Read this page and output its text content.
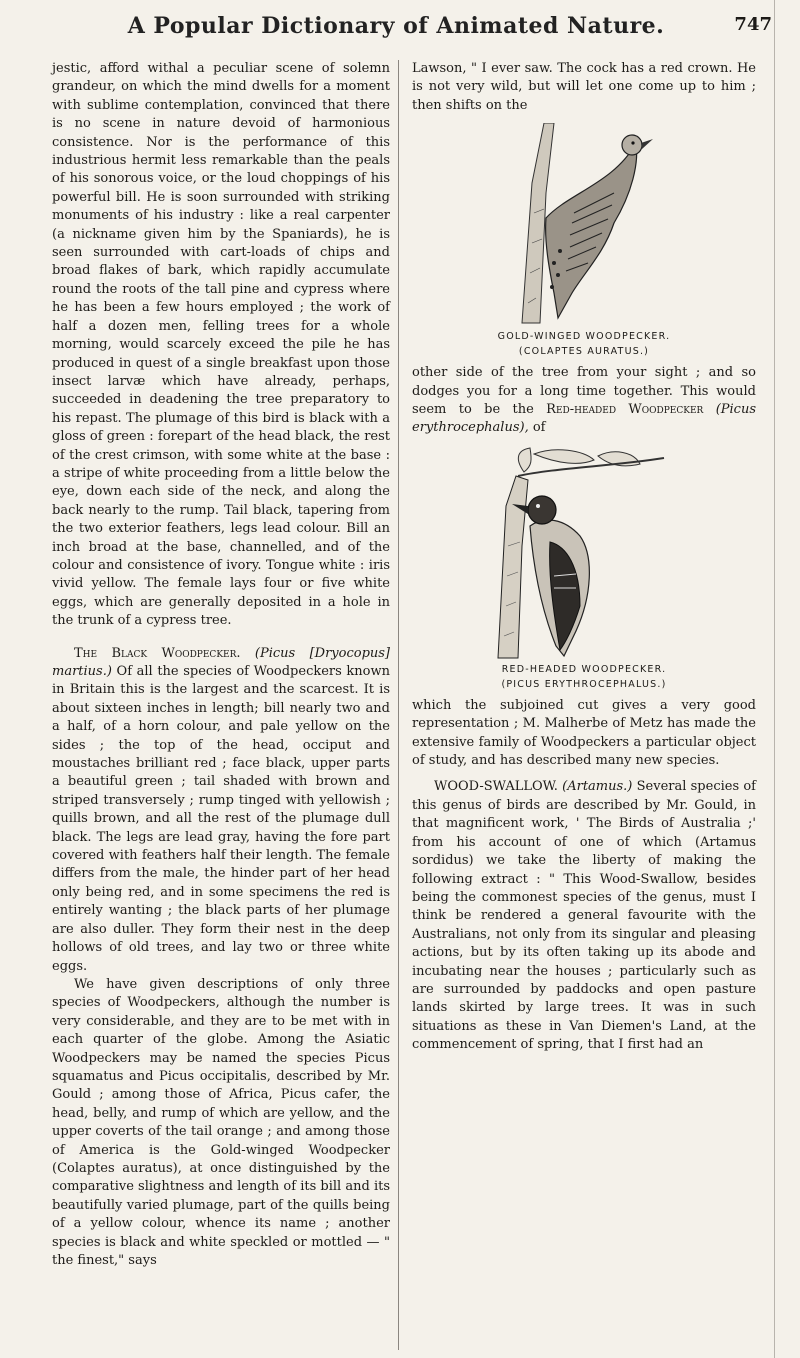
A Popular Dictionary of Animated Nature.	747

jestic, afford withal a peculiar scene of solemn grandeur, on which the mind dwells for a moment with sublime contemplation, convinced that there is no scene in nature devoid of harmonious consistence. Nor is the performance of this industrious hermit less remarkable than the peals of his sonorous voice, or the loud choppings of his powerful bill. He is soon surrounded with striking monuments of his industry : like a real carpenter (a nickname given him by the Spaniards), he is seen surrounded with cart-loads of chips and broad flakes of bark, which rapidly accumulate round the roots of the tall pine and cypress where he has been a few hours employed ; the work of half a dozen men, felling trees for a whole morning, would scarcely exceed the pile he has produced in quest of a single breakfast upon those insect larvæ which have already, perhaps, succeeded in deadening the tree preparatory to his repast. The plumage of this bird is black with a gloss of green : forepart of the head black, the rest of the crest crimson, with some white at the base : a stripe of white proceeding from a little below the eye, down each side of the neck, and along the back nearly to the rump. Tail black, tapering from the two exterior feathers, legs lead colour. Bill an inch broad at the base, channelled, and of the colour and consistence of ivory. Tongue white : iris vivid yellow. The female lays four or five white eggs, which are generally deposited in a hole in the trunk of a cypress tree.

The Black Woodpecker. (Picus [Dryocopus] martius.) Of all the species of Woodpeckers known in Britain this is the largest and the scarcest. It is about sixteen inches in length; bill nearly two and a half, of a horn colour, and pale yellow on the sides ; the top of the head, occiput and moustaches brilliant red ; face black, upper parts a beautiful green ; tail shaded with brown and striped transversely ; rump tinged with yellowish ; quills brown, and all the rest of the plumage dull black. The legs are lead gray, having the fore part covered with feathers half their length. The female differs from the male, the hinder part of her head only being red, and in some specimens the red is entirely wanting ; the black parts of her plumage are also duller. They form their nest in the deep hollows of old trees, and lay two or three white eggs.

We have given descriptions of only three species of Woodpeckers, although the number is very considerable, and they are to be met with in each quarter of the globe. Among the Asiatic Woodpeckers may be named the species Picus squamatus and Picus occipitalis, described by Mr. Gould ; among those of Africa, Picus cafer, the head, belly, and rump of which are yellow, and the upper coverts of the tail orange ; and among those of America is the Gold-winged Woodpecker (Colaptes auratus), at once distinguished by the comparative slightness and length of its bill and its beautifully varied plumage, part of the quills being of a yellow colour, whence its name ; another species is black and white speckled or mottled — " the finest," says

Lawson, " I ever saw. The cock has a red crown. He is not very wild, but will let one come up to him ; then shifts on the

GOLD-WINGED WOODPECKER.
(COLAPTES AURATUS.)

other side of the tree from your sight ; and so dodges you for a long time together. This would seem to be the Red-headed Woodpecker (Picus erythrocephalus), of

RED-HEADED WOODPECKER.
(PICUS ERYTHROCEPHALUS.)

which the subjoined cut gives a very good representation ; M. Malherbe of Metz has made the extensive family of Woodpeckers a particular object of study, and has described many new species.

WOOD-SWALLOW. (Artamus.) Several species of this genus of birds are described by Mr. Gould, in that magnificent work, ' The Birds of Australia ;' from his account of one of which (Artamus sordidus) we take the liberty of making the following extract : " This Wood-Swallow, besides being the commonest species of the genus, must I think be rendered a general favourite with the Australians, not only from its singular and pleasing actions, but by its often taking up its abode and incubating near the houses ; particularly such as are surrounded by paddocks and open pasture lands skirted by large trees. It was in such situations as these in Van Diemen's Land, at the commencement of spring, that I first had an
